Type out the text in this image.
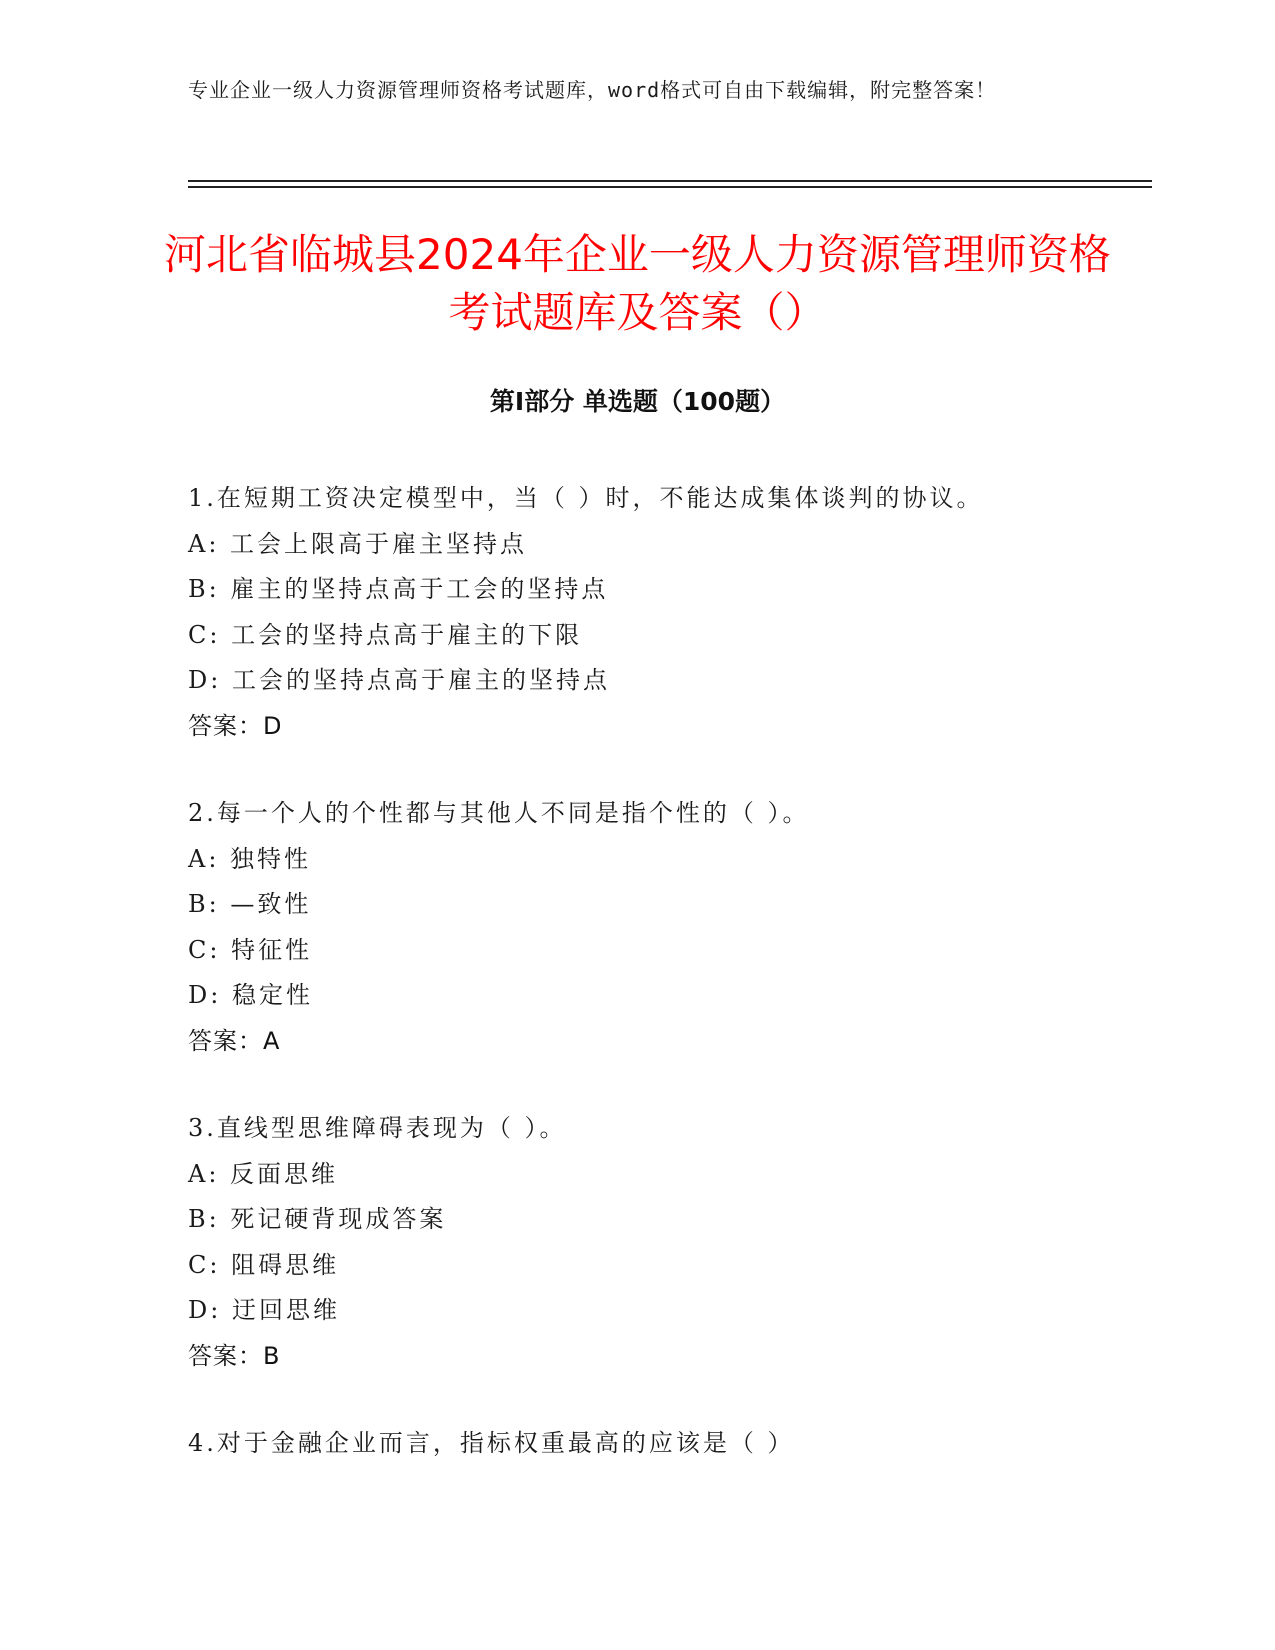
专业企业一级人力资源管理师资格考试题库，word格式可自由下载编辑，附完整答案！
河北省临城县2024年企业一级人力资源管理师资格考试题库及答案（）
第Ⅰ部分 单选题（100题）
1.在短期工资决定模型中，当（ ）时，不能达成集体谈判的协议。
A: 工会上限高于雇主坚持点
B: 雇主的坚持点高于工会的坚持点
C: 工会的坚持点高于雇主的下限
D: 工会的坚持点高于雇主的坚持点
答案：D
2.每一个人的个性都与其他人不同是指个性的（ ）。
A: 独特性
B: —致性
C: 特征性
D: 稳定性
答案：A
3.直线型思维障碍表现为（ ）。
A: 反面思维
B: 死记硬背现成答案
C: 阻碍思维
D: 迂回思维
答案：B
4.对于金融企业而言，指标权重最高的应该是（ ）
